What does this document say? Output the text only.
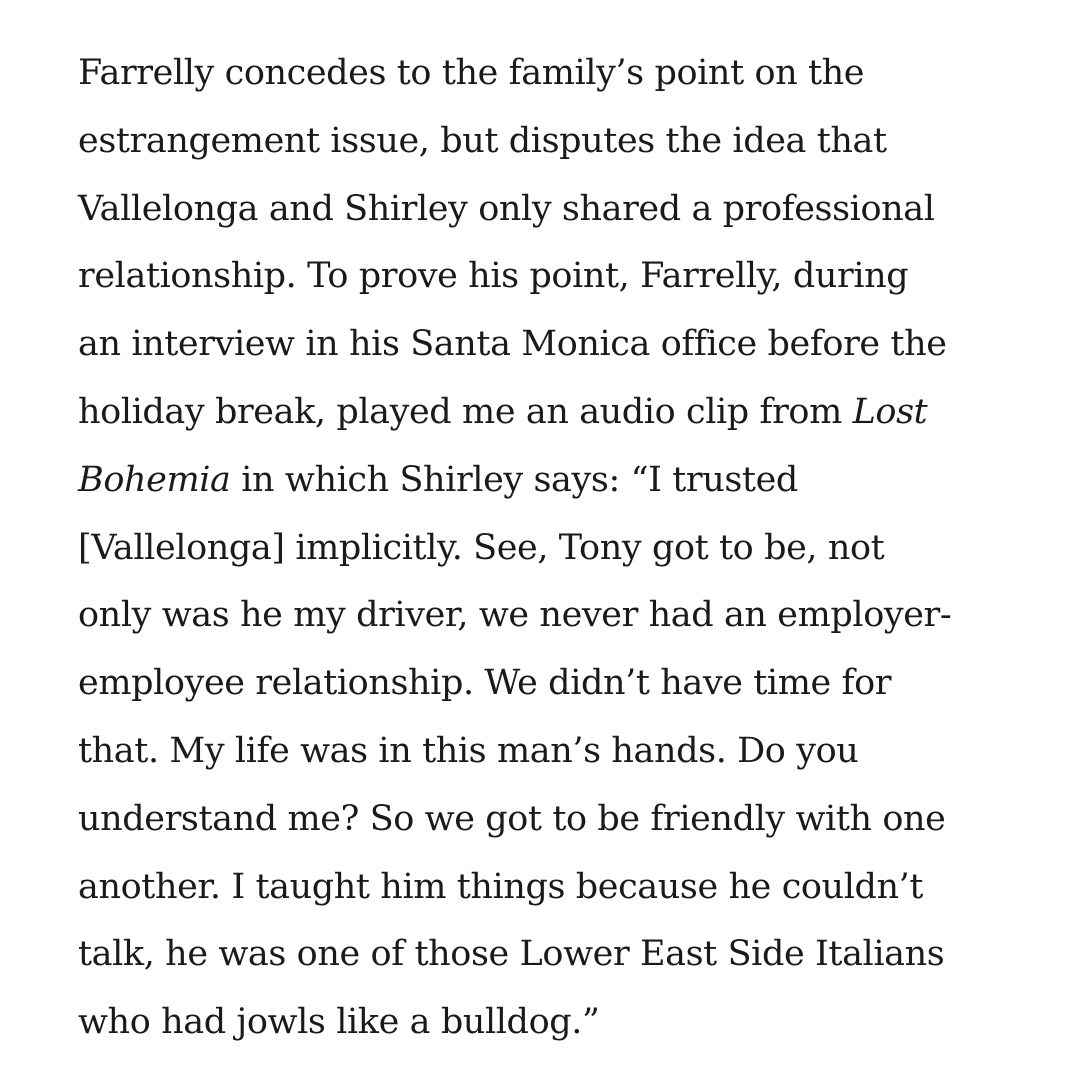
Farrelly concedes to the family’s point on the
estrangement issue, but disputes the idea that
Vallelonga and Shirley only shared a professional
relationship. To prove his point, Farrelly, during
an interview in his Santa Monica office before the
holiday break, played me an audio clip from Lost
Bohemia in which Shirley says: “I trusted
[Vallelonga] implicitly. See, Tony got to be, not
only was he my driver, we never had an employer-
employee relationship. We didn’t have time for
that. My life was in this man’s hands. Do you
understand me? So we got to be friendly with one
another. I taught him things because he couldn’t
talk, he was one of those Lower East Side Italians
who had jowls like a bulldog.”
